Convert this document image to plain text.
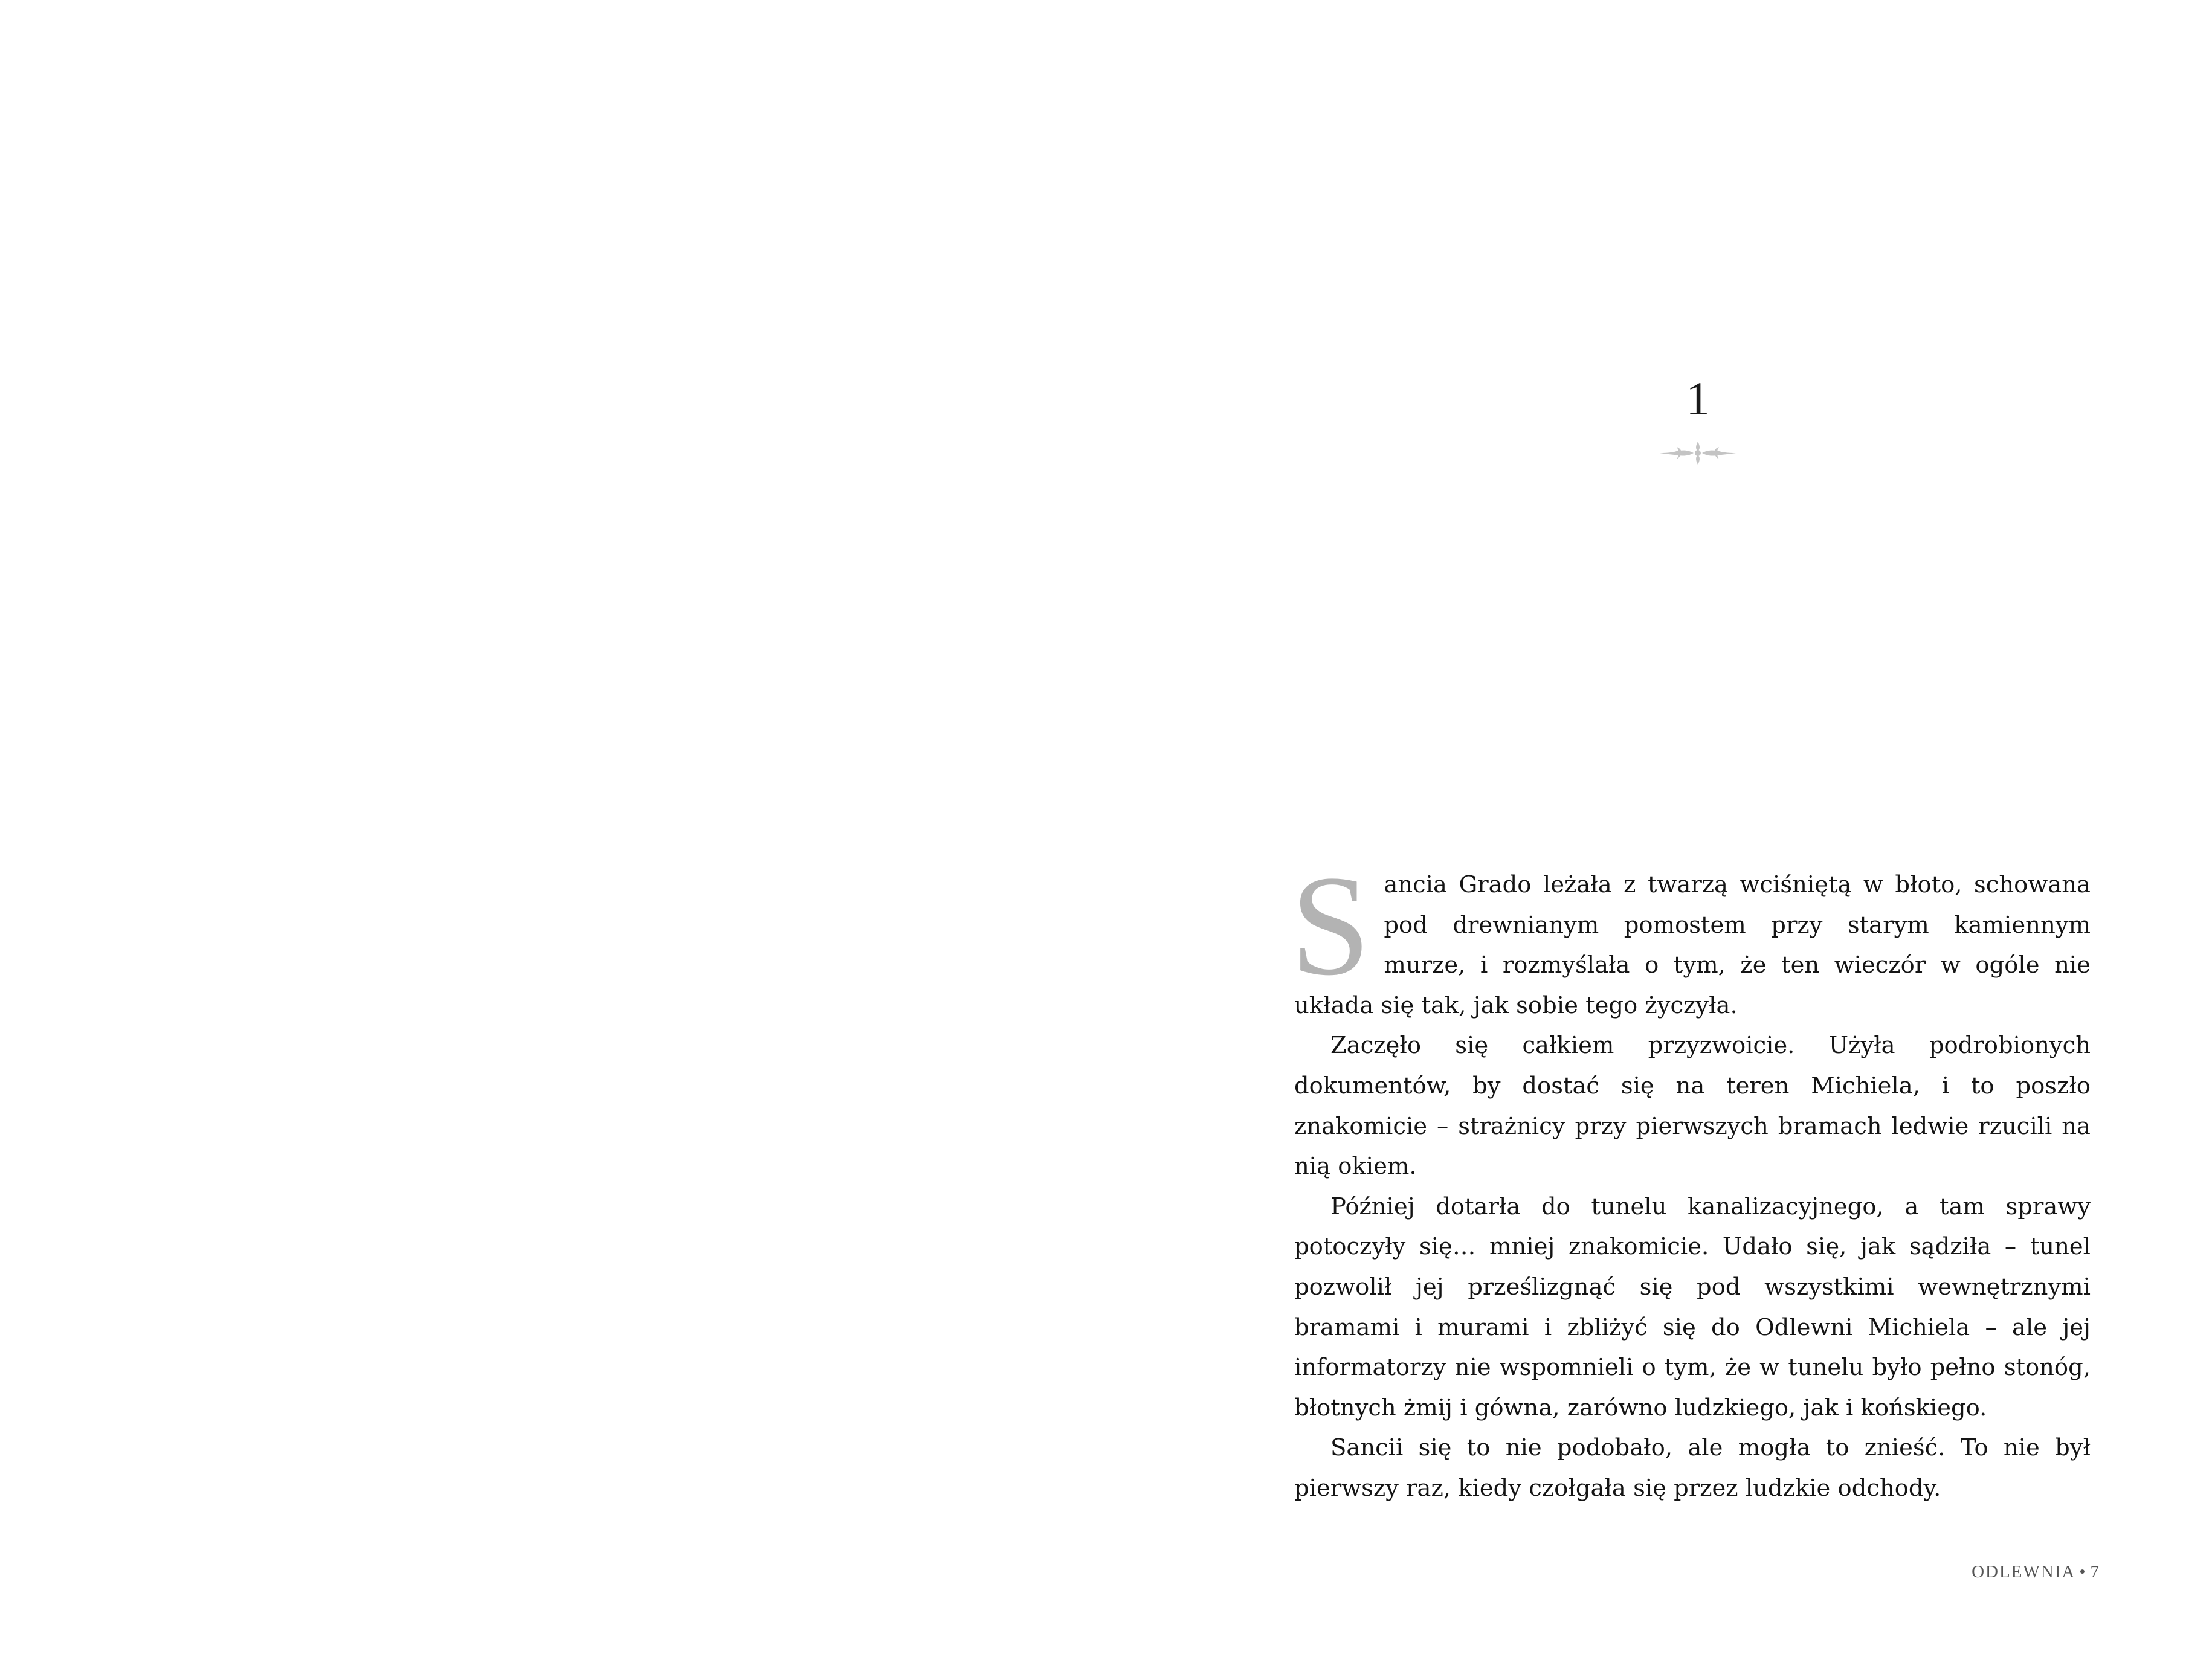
1

Sancia Grado leżała z twarzą wciśniętą w błoto, schowana pod drewnianym pomostem przy starym kamiennym murze, i rozmyślała o tym, że ten wieczór w ogóle nie układa się tak, jak sobie tego życzyła.

Zaczęło się całkiem przyzwoicie. Użyła podrobionych dokumentów, by dostać się na teren Michiela, i to poszło znakomicie – strażnicy przy pierwszych bramach ledwie rzucili na nią okiem.

Później dotarła do tunelu kanalizacyjnego, a tam sprawy potoczyły się… mniej znakomicie. Udało się, jak sądziła – tunel pozwolił jej prześlizgnąć się pod wszystkimi wewnętrznymi bramami i murami i zbliżyć się do Odlewni Michiela – ale jej informatorzy nie wspomnieli o tym, że w tunelu było pełno stonóg, błotnych żmij i gówna, zarówno ludzkiego, jak i końskiego.

Sancii się to nie podobało, ale mogła to znieść. To nie był pierwszy raz, kiedy czołgała się przez ludzkie odchody.

ODLEWNIA • 7
